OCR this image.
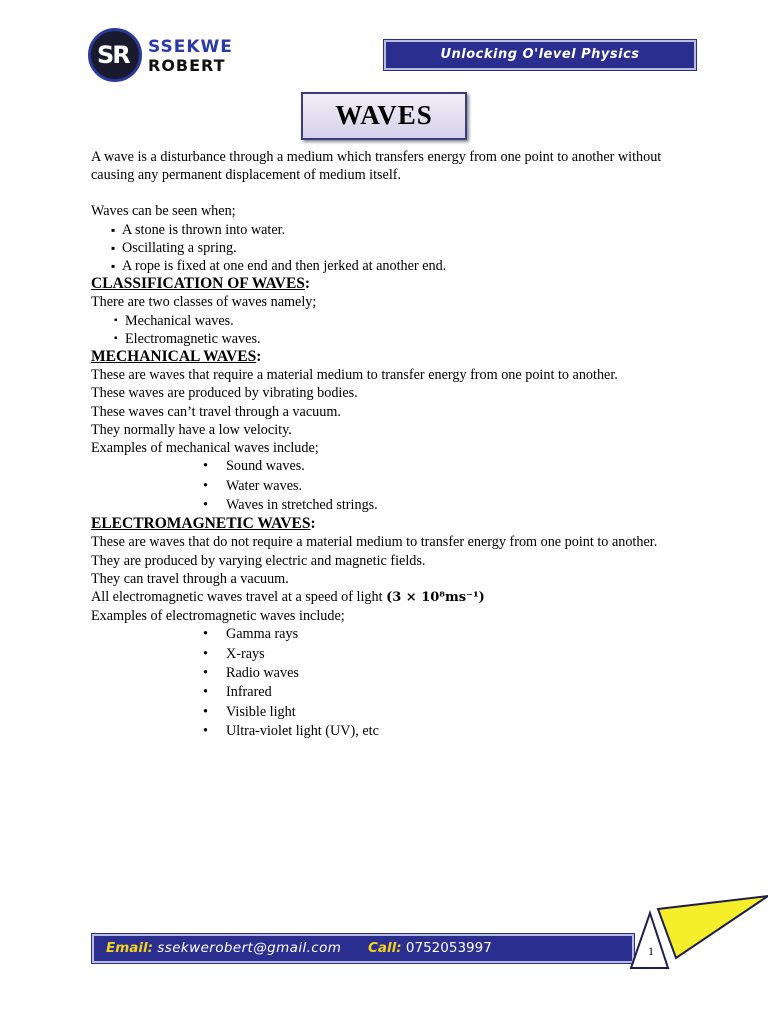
SR SSEKWE
ROBERT
Unlocking O'level Physics
WAVES

A wave is a disturbance through a medium which transfers energy from one point to another without causing any permanent displacement of medium itself.

Waves can be seen when;

▪ A stone is thrown into water.
▪ Oscillating a spring.
▪ A rope is fixed at one end and then jerked at another end.

CLASSIFICATION OF WAVES:

There are two classes of waves namely;

▪ Mechanical waves.
▪ Electromagnetic waves.

MECHANICAL WAVES:

These are waves that require a material medium to transfer energy from one point to another.

These waves are produced by vibrating bodies.

These waves can’t travel through a vacuum.

They normally have a low velocity.

Examples of mechanical waves include;

• Sound waves.
• Water waves.
• Waves in stretched strings.

ELECTROMAGNETIC WAVES:

These are waves that do not require a material medium to transfer energy from one point to another.

They are produced by varying electric and magnetic fields.

They can travel through a vacuum.

All electromagnetic waves travel at a speed of light (3 × 10⁸ms⁻¹)

Examples of electromagnetic waves include;

• Gamma rays
• X-rays
• Radio waves
• Infrared
• Visible light
• Ultra-violet light (UV), etc
Email: ssekwerobert@gmail.com Call: 0752053997	1
